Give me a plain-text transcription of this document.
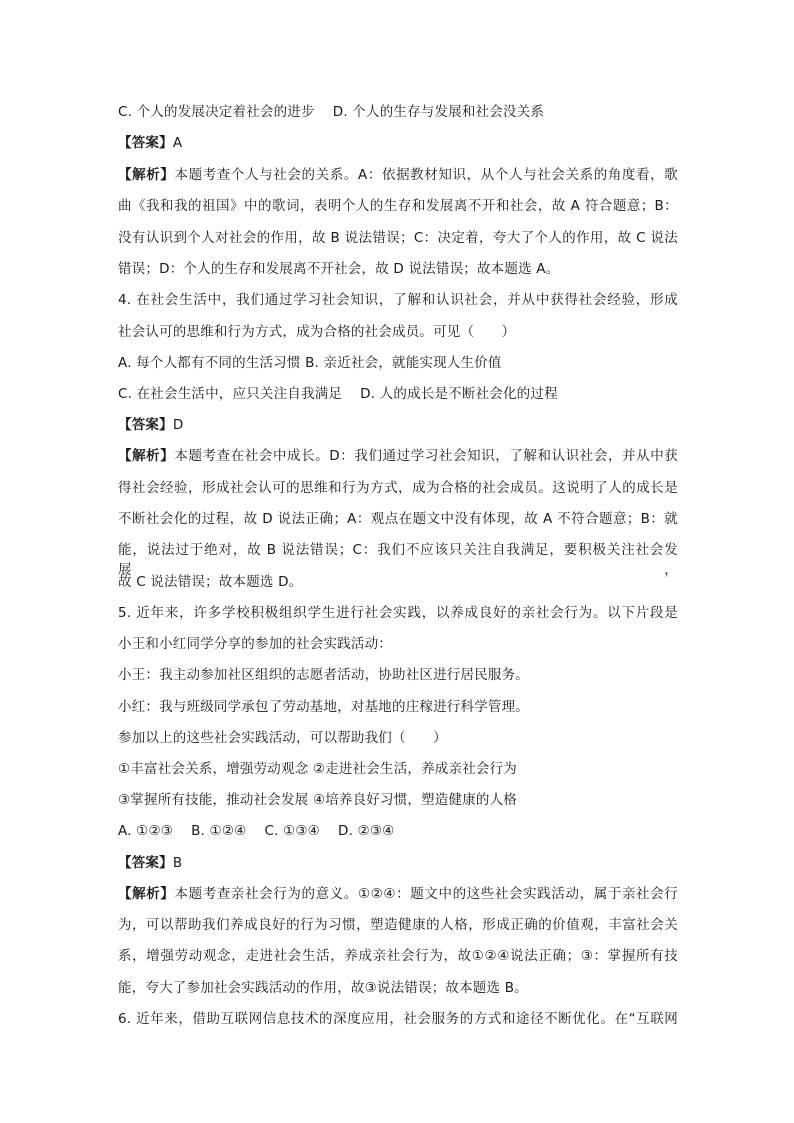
C. 个人的发展决定着社会的进步 D. 个人的生存与发展和社会没关系
【答案】A
【解析】本题考查个人与社会的关系。A：依据教材知识，从个人与社会关系的角度看，歌
曲《我和我的祖国》中的歌词，表明个人的生存和发展离不开和社会，故 A 符合题意；B：
没有认识到个人对社会的作用，故 B 说法错误；C：决定着，夸大了个人的作用，故 C 说法
错误；D：个人的生存和发展离不开社会，故 D 说法错误；故本题选 A。
4. 在社会生活中，我们通过学习社会知识，了解和认识社会，并从中获得社会经验，形成
社会认可的思维和行为方式，成为合格的社会成员。可见（　　）
A. 每个人都有不同的生活习惯 B. 亲近社会，就能实现人生价值
C. 在社会生活中，应只关注自我满足 D. 人的成长是不断社会化的过程
【答案】D
【解析】本题考查在社会中成长。D：我们通过学习社会知识，了解和认识社会，并从中获
得社会经验，形成社会认可的思维和行为方式，成为合格的社会成员。这说明了人的成长是
不断社会化的过程，故 D 说法正确；A：观点在题文中没有体现，故 A 不符合题意；B：就
能，说法过于绝对，故 B 说法错误；C：我们不应该只关注自我满足，要积极关注社会发展，
故 C 说法错误；故本题选 D。
5. 近年来，许多学校积极组织学生进行社会实践，以养成良好的亲社会行为。以下片段是
小王和小红同学分享的参加的社会实践活动：
小王：我主动参加社区组织的志愿者活动，协助社区进行居民服务。
小红：我与班级同学承包了劳动基地，对基地的庄稼进行科学管理。
参加以上的这些社会实践活动，可以帮助我们（　　）
①丰富社会关系，增强劳动观念 ②走进社会生活，养成亲社会行为
③掌握所有技能，推动社会发展 ④培养良好习惯，塑造健康的人格
A. ①②③ B. ①②④ C. ①③④ D. ②③④
【答案】B
【解析】本题考查亲社会行为的意义。①②④：题文中的这些社会实践活动，属于亲社会行
为，可以帮助我们养成良好的行为习惯，塑造健康的人格，形成正确的价值观，丰富社会关
系，增强劳动观念，走进社会生活，养成亲社会行为，故①②④说法正确；③：掌握所有技
能，夸大了参加社会实践活动的作用，故③说法错误；故本题选 B。
6. 近年来，借助互联网信息技术的深度应用，社会服务的方式和途径不断优化。在“互联网
